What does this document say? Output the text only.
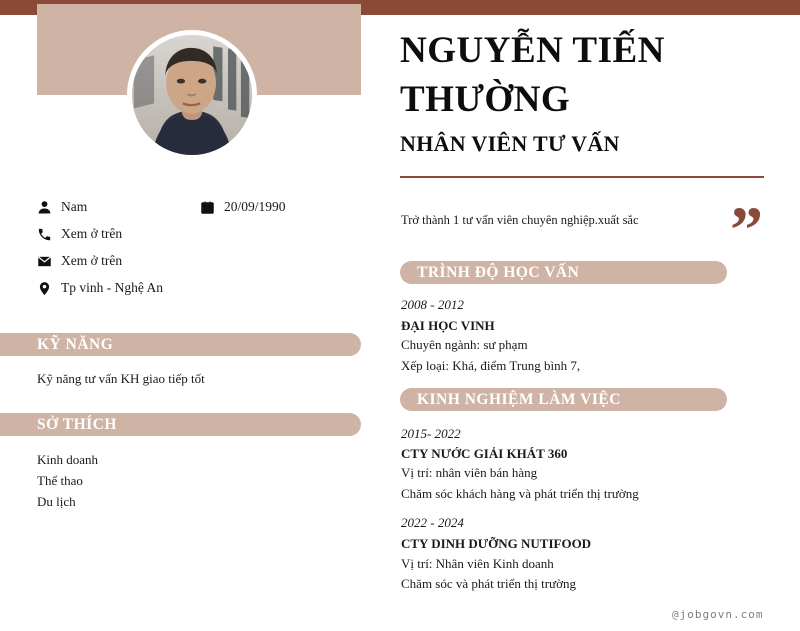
Nam	20/09/1990
Xem ở trên
Xem ở trên
Tp vinh - Nghệ An
KỸ NĂNG
Kỹ năng tư vấn KH giao tiếp tốt
SỞ THÍCH
Kinh doanh
Thể thao
Du lịch
NGUYỄN TIẾN
THƯỜNG
NHÂN VIÊN TƯ VẤN
Trở thành 1 tư vấn viên chuyên nghiệp.xuất sắc	”
TRÌNH ĐỘ HỌC VẤN
2008 - 2012
ĐẠI HỌC VINH
Chuyên ngành: sư phạm
Xếp loại: Khá, điểm Trung bình 7,
KINH NGHIỆM LÀM VIỆC
2015- 2022
CTY NƯỚC GIẢI KHÁT 360
Vị trí: nhân viên bán hàng
Chăm sóc khách hàng và phát triển thị trường
2022 - 2024
CTY DINH DƯỠNG NUTIFOOD
Vị trí: Nhân viên Kinh doanh
Chăm sóc và phát triển thị trường
@jobgovn.com
